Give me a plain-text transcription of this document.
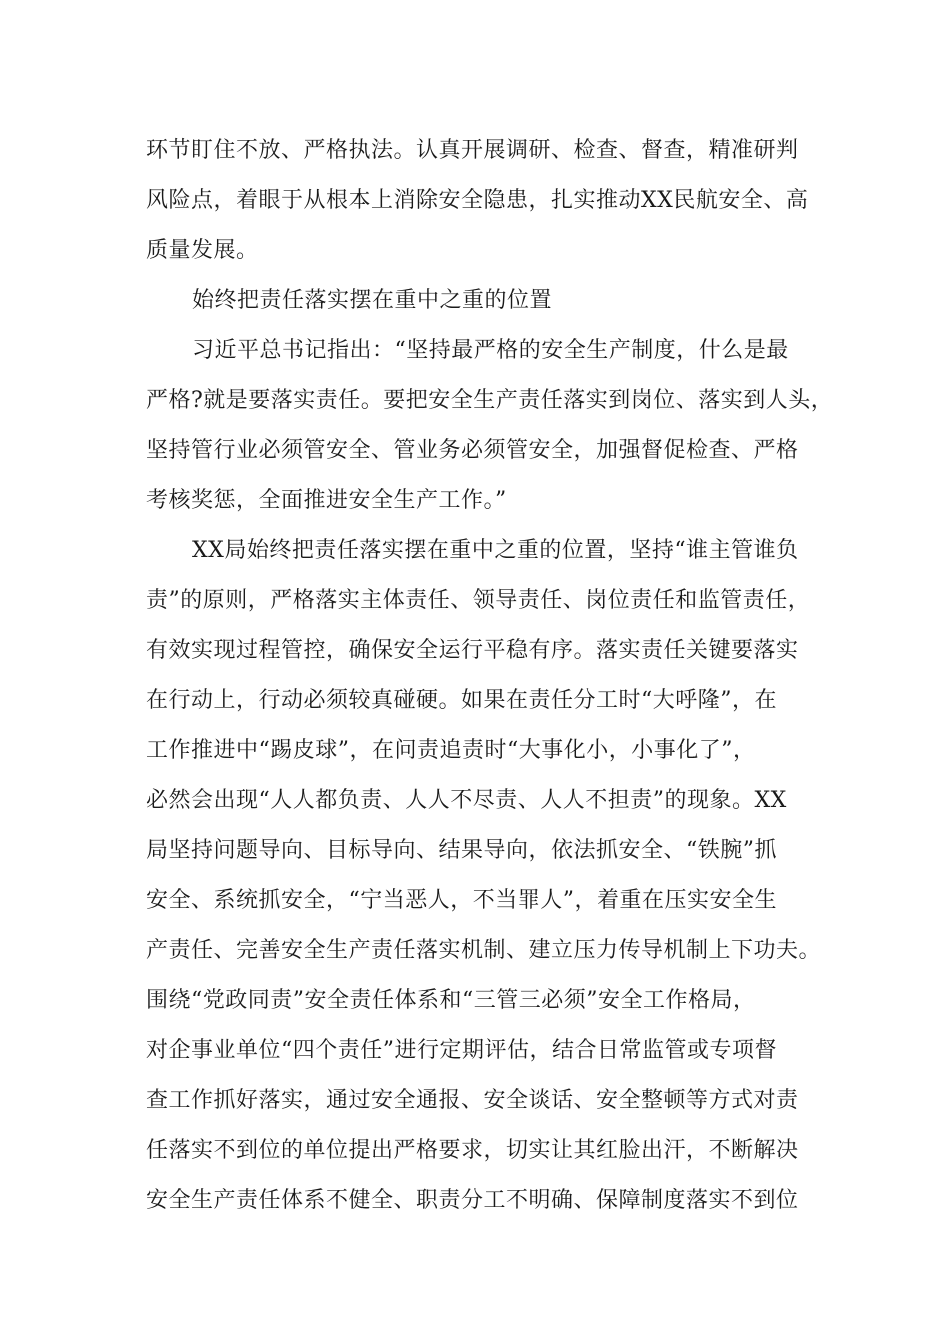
环节盯住不放、严格执法。认真开展调研、检查、督查，精准研判
风险点，着眼于从根本上消除安全隐患，扎实推动XX民航安全、高
质量发展。
始终把责任落实摆在重中之重的位置
习近平总书记指出：“坚持最严格的安全生产制度，什么是最
严格?就是要落实责任。要把安全生产责任落实到岗位、落实到人头，
坚持管行业必须管安全、管业务必须管安全，加强督促检查、严格
考核奖惩，全面推进安全生产工作。”
XX局始终把责任落实摆在重中之重的位置，坚持“谁主管谁负
责”的原则，严格落实主体责任、领导责任、岗位责任和监管责任，
有效实现过程管控，确保安全运行平稳有序。落实责任关键要落实
在行动上，行动必须较真碰硬。如果在责任分工时“大呼隆”，在
工作推进中“踢皮球”，在问责追责时“大事化小，小事化了”，
必然会出现“人人都负责、人人不尽责、人人不担责”的现象。XX
局坚持问题导向、目标导向、结果导向，依法抓安全、“铁腕”抓
安全、系统抓安全，“宁当恶人，不当罪人”，着重在压实安全生
产责任、完善安全生产责任落实机制、建立压力传导机制上下功夫。
围绕“党政同责”安全责任体系和“三管三必须”安全工作格局，
对企事业单位“四个责任”进行定期评估，结合日常监管或专项督
查工作抓好落实，通过安全通报、安全谈话、安全整顿等方式对责
任落实不到位的单位提出严格要求，切实让其红脸出汗，不断解决
安全生产责任体系不健全、职责分工不明确、保障制度落实不到位
